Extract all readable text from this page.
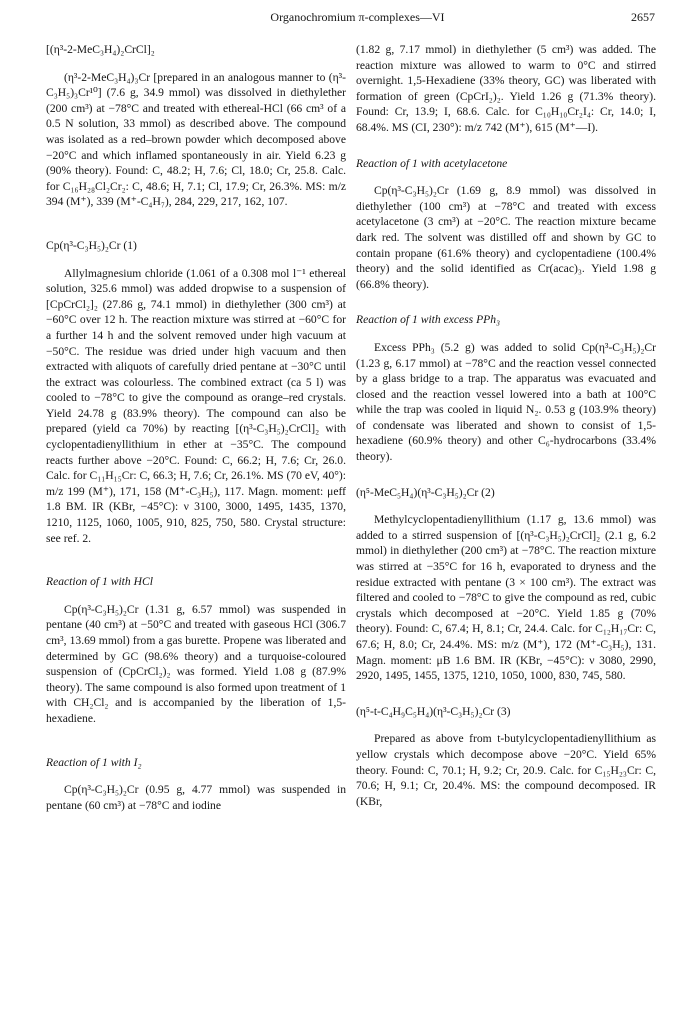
Organochromium π-complexes—VI	2657
[(η³-2-MeC₃H₄)₂CrCl]₂

(η³-2-MeC₃H₄)₃Cr [prepared in an analogous manner to (η³-C₃H₅)₃Cr¹⁰] (7.6 g, 34.9 mmol) was dissolved in diethylether (200 cm³) at −78°C and treated with ethereal-HCl (66 cm³ of a 0.5 N solution, 33 mmol) as described above. The compound was isolated as a red–brown powder which decomposed above −20°C and which inflamed spontaneously in air. Yield 6.23 g (90% theory). Found: C, 48.2; H, 7.6; Cl, 18.0; Cr, 25.8. Calc. for C₁₆H₂₈Cl₂Cr₂: C, 48.6; H, 7.1; Cl, 17.9; Cr, 26.3%. MS: m/z 394 (M⁺), 339 (M⁺-C₄H₇), 284, 229, 217, 162, 107.

Cp(η³-C₃H₅)₂Cr (1)

Allylmagnesium chloride (1.061 of a 0.308 mol l⁻¹ ethereal solution, 325.6 mmol) was added dropwise to a suspension of [CpCrCl₂]₂ (27.86 g, 74.1 mmol) in diethylether (300 cm³) at −60°C over 12 h. The reaction mixture was stirred at −60°C for a further 14 h and the solvent removed under high vacuum at −50°C. The residue was dried under high vacuum and then extracted with aliquots of carefully dried pentane at −30°C until the extract was colourless. The combined extract (ca 5 l) was cooled to −78°C to give the compound as orange–red crystals. Yield 24.78 g (83.9% theory). The compound can also be prepared (yield ca 70%) by reacting [(η³-C₃H₅)₂CrCl]₂ with cyclopentadienyllithium in ether at −35°C. The compound reacts further above −20°C. Found: C, 66.2; H, 7.6; Cr, 26.0. Calc. for C₁₁H₁₅Cr: C, 66.3; H, 7.6; Cr, 26.1%. MS (70 eV, 40°): m/z 199 (M⁺), 171, 158 (M⁺-C₃H₅), 117. Magn. moment: μeff 1.8 BM. IR (KBr, −45°C): ν 3100, 3000, 1495, 1435, 1370, 1210, 1125, 1060, 1005, 910, 825, 750, 580. Crystal structure: see ref. 2.

Reaction of 1 with HCl

Cp(η³-C₃H₅)₂Cr (1.31 g, 6.57 mmol) was suspended in pentane (40 cm³) at −50°C and treated with gaseous HCl (306.7 cm³, 13.69 mmol) from a gas burette. Propene was liberated and determined by GC (98.6% theory) and a turquoise-coloured suspension of (CpCrCl₂)₂ was formed. Yield 1.08 g (87.9% theory). The same compound is also formed upon treatment of 1 with CH₂Cl₂ and is accompanied by the liberation of 1,5-hexadiene.

Reaction of 1 with I₂

Cp(η³-C₃H₅)₂Cr (0.95 g, 4.77 mmol) was suspended in pentane (60 cm³) at −78°C and iodine

(1.82 g, 7.17 mmol) in diethylether (5 cm³) was added. The reaction mixture was allowed to warm to 0°C and stirred overnight. 1,5-Hexadiene (33% theory, GC) was liberated with formation of green (CpCrI₂)₂. Yield 1.26 g (71.3% theory). Found: Cr, 13.9; I, 68.6. Calc. for C₁₀H₁₀Cr₂I₄: Cr, 14.0; I, 68.4%. MS (CI, 230°): m/z 742 (M⁺), 615 (M⁺—I).

Reaction of 1 with acetylacetone

Cp(η³-C₃H₅)₂Cr (1.69 g, 8.9 mmol) was dissolved in diethylether (100 cm³) at −78°C and treated with excess acetylacetone (3 cm³) at −20°C. The reaction mixture became dark red. The solvent was distilled off and shown by GC to contain propane (61.6% theory) and cyclopentadiene (100.4% theory) and the solid identified as Cr(acac)₃. Yield 1.98 g (66.8% theory).

Reaction of 1 with excess PPh₃

Excess PPh₃ (5.2 g) was added to solid Cp(η³-C₃H₅)₂Cr (1.23 g, 6.17 mmol) at −78°C and the reaction vessel connected by a glass bridge to a trap. The apparatus was evacuated and closed and the reaction vessel lowered into a bath at 100°C while the trap was cooled in liquid N₂. 0.53 g (103.9% theory) of condensate was liberated and shown to consist of 1,5-hexadiene (60.9% theory) and other C₆-hydrocarbons (33.4% theory).

(η⁵-MeC₅H₄)(η³-C₃H₅)₂Cr (2)

Methylcyclopentadienyllithium (1.17 g, 13.6 mmol) was added to a stirred suspension of [(η³-C₃H₅)₂CrCl]₂ (2.1 g, 6.2 mmol) in diethylether (200 cm³) at −78°C. The reaction mixture was stirred at −35°C for 16 h, evaporated to dryness and the residue extracted with pentane (3 × 100 cm³). The extract was filtered and cooled to −78°C to give the compound as red, cubic crystals which decomposed at −20°C. Yield 1.85 g (70% theory). Found: C, 67.4; H, 8.1; Cr, 24.4. Calc. for C₁₂H₁₇Cr: C, 67.6; H, 8.0; Cr, 24.4%. MS: m/z (M⁺), 172 (M⁺-C₃H₅), 131. Magn. moment: μB 1.6 BM. IR (KBr, −45°C): ν 3080, 2990, 2920, 1495, 1455, 1375, 1210, 1050, 1000, 830, 745, 580.

(η⁵-t-C₄H₉C₅H₄)(η³-C₃H₅)₂Cr (3)

Prepared as above from t-butylcyclopentadienyllithium as yellow crystals which decompose above −20°C. Yield 65% theory. Found: C, 70.1; H, 9.2; Cr, 20.9. Calc. for C₁₅H₂₃Cr: C, 70.6; H, 9.1; Cr, 20.4%. MS: the compound decomposed. IR (KBr,
